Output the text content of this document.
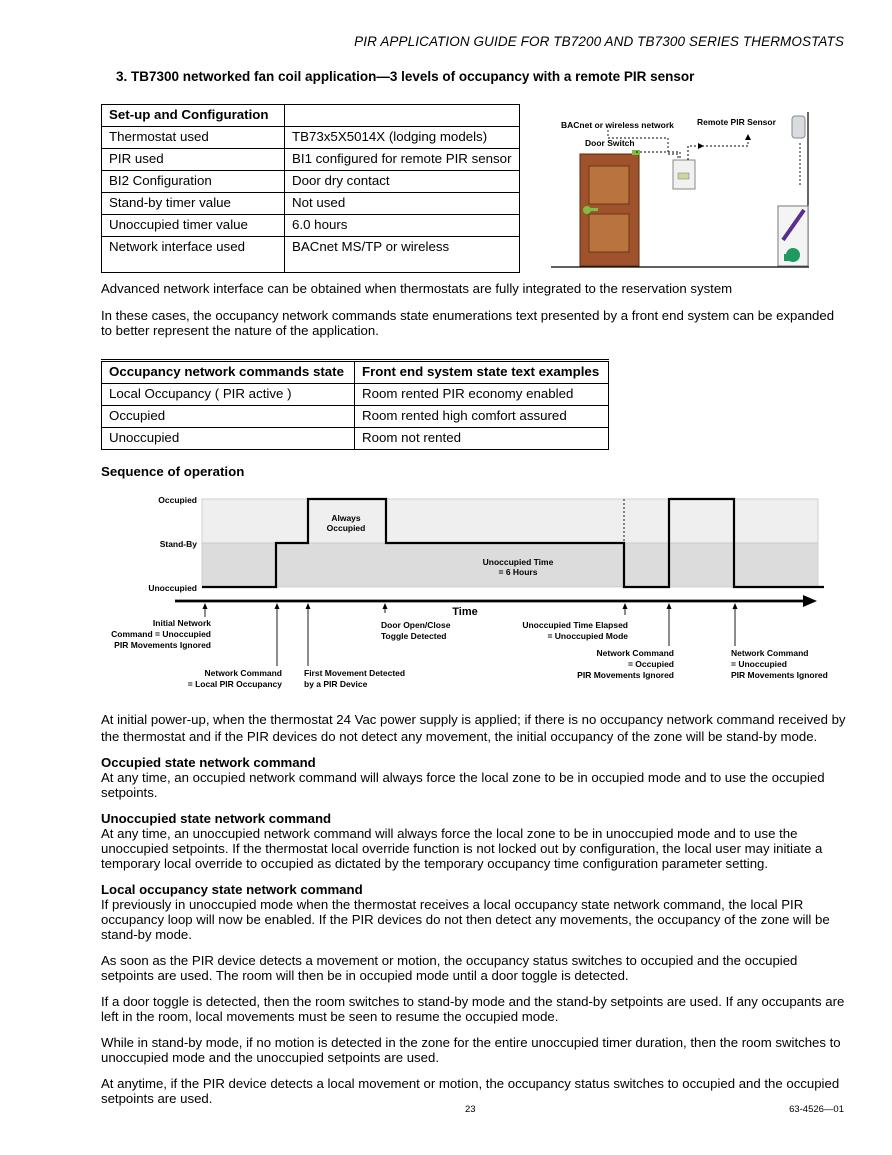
PIR APPLICATION GUIDE FOR TB7200 AND TB7300 SERIES THERMOSTATS
3. TB7300 networked fan coil application—3 levels of occupancy with a remote PIR sensor
Set-up and Configuration	
Thermostat used	TB73x5X5014X (lodging models)
PIR used	BI1 configured for remote PIR sensor
BI2 Configuration	Door dry contact
Stand-by timer value	Not used
Unoccupied timer value	6.0 hours
Network interface used	BACnet MS/TP or wireless
BACnet or wireless network	Remote PIR Sensor
Door Switch

Advanced network interface can be obtained when thermostats are fully integrated to the reservation system

In these cases, the occupancy network commands state enumerations text presented by a front end system can be expanded to better represent the nature of the application.

Occupancy network commands state	Front end system state text examples
Local Occupancy ( PIR active )	Room rented PIR economy enabled
Occupied	Room rented high comfort assured
Unoccupied	Room not rented
Sequence of operation
Occupied
Stand-By
Unoccupied
Always
Occupied
Unoccupied Time
= 6 Hours
Time
Initial Network
Command = Unoccupied
PIR Movements Ignored
Network Command
= Local PIR Occupancy
First Movement Detected
by a PIR Device
Door Open/Close
Toggle Detected
Unoccupied Time Elapsed
= Unoccupied Mode
Network Command
= Occupied
PIR Movements Ignored
Network Command
= Unoccupied
PIR Movements Ignored

At initial power-up, when the thermostat 24 Vac power supply is applied; if there is no occupancy network command received by the thermostat and if the PIR devices do not detect any movement, the initial occupancy of the zone will be stand-by mode.

Occupied state network command

At any time, an occupied network command will always force the local zone to be in occupied mode and to use the occupied setpoints.

Unoccupied state network command

At any time, an unoccupied network command will always force the local zone to be in unoccupied mode and to use the unoccupied setpoints. If the thermostat local override function is not locked out by configuration, the local user may initiate a temporary local override to occupied as dictated by the temporary occupancy time configuration parameter setting.

Local occupancy state network command

If previously in unoccupied mode when the thermostat receives a local occupancy state network command, the local PIR occupancy loop will now be enabled. If the PIR devices do not then detect any movements, the occupancy of the zone will be stand-by mode.

As soon as the PIR device detects a movement or motion, the occupancy status switches to occupied and the occupied setpoints are used. The room will then be in occupied mode until a door toggle is detected.

If a door toggle is detected, then the room switches to stand-by mode and the stand-by setpoints are used. If any occupants are left in the room, local movements must be seen to resume the occupied mode.

While in stand-by mode, if no motion is detected in the zone for the entire unoccupied timer duration, then the room switches to unoccupied mode and the unoccupied setpoints are used.

At anytime, if the PIR device detects a local movement or motion, the occupancy status switches to occupied and the occupied setpoints are used.

23	63-4526—01
